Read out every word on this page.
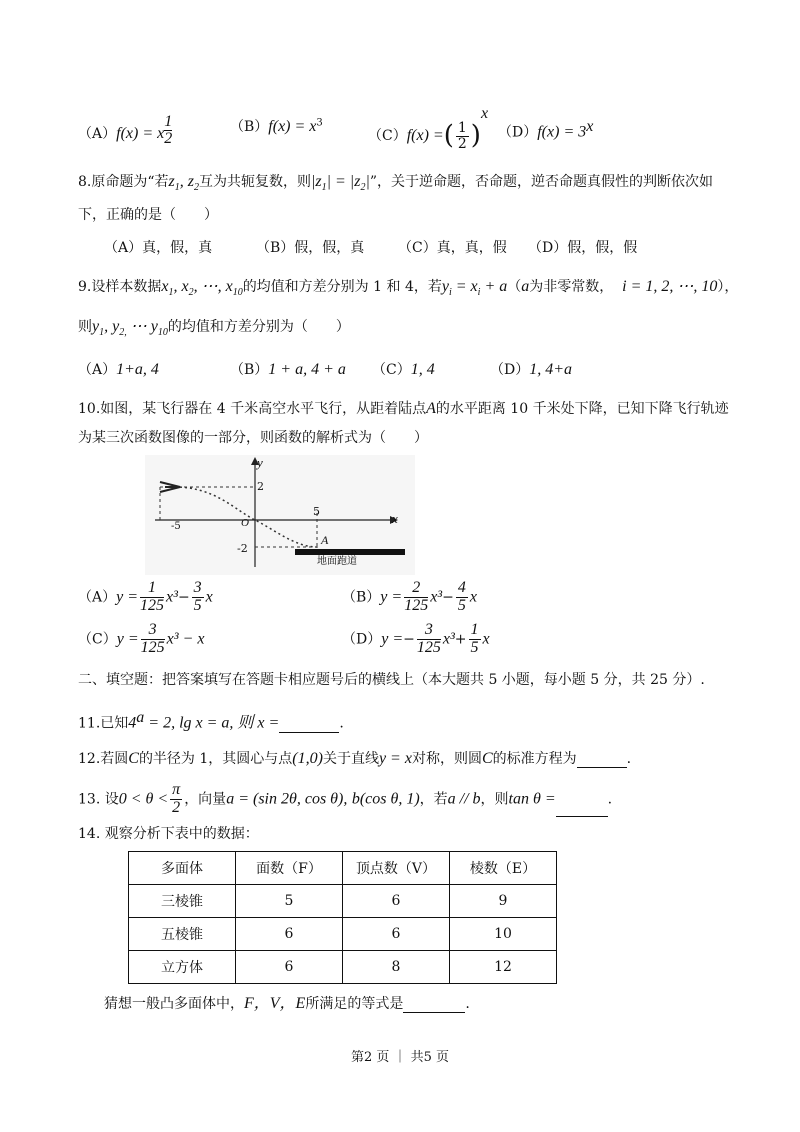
（A）f(x) = x $^{\frac{1}{2}}$	$(B)f(x) = x^3$
（C）f(x) =( $\frac{1}{2} )^x$
$(D)f(x) = 3^x$
8.原命题为“若$z_1$, $z_2$互为共轭复数，则$|z_1| = |z_2|$”，关于逆命题，否命题，逆否命题真假性的判断依次如
下，正确的是（　　）
（A）真，假，真	（B）假，假，真 （C）真，真，假 （D）假，假，假
9.设样本数据$x_1$, $x_2$, ⋯, $x_{10}$的均值和方差分别为 1 和 4，若$y_i = x_i + a(a$为非零常数， i = 1, 2, ⋯, 10），
则$y_1$, $y_{2,}$ ⋯ $y_{10}$的均值和方差分别为（　　）
（A）1+a, 4	（B）1 + a, 4 + a （C）1, 4	（D）1, 4+a
10.如图，某飞行器在 4 千米高空水平飞行，从距着陆点A的水平距离 10 千米处下降，已知下降飞行轨迹
为某三次函数图像的一部分，则函数的解析式为（　　）
y
x
O
2
-2
5
-5
A
地面跑道
$(A)y = \frac{1}{125} x^3- \frac{3}{5}$ x	$(B)y = \frac{2}{125} x^3- \frac{4}{5}$ x
$(C)y = \frac{3}{125} x^3 - x$	$(D)y =- \frac{3}{125} x^3+ \frac{1}{5}$ x
二、填空题：把答案填写在答题卡相应题号后的横线上（本大题共 5 小题，每小题 5 分，共 25 分）.
11.已知$4^a = 2$, lg x = a, 则 x =	.
12.若圆C的半径为 1，其圆心与点(1,0)关于直线y = x对称，则圆C的标准方程为	.
13. 设$0 < \theta < \frac{\pi}{2}$ ，向量a = (sin 2θ, cos θ), b(cos θ, 1)，若a // b，则tan θ =	.
14. 观察分析下表中的数据：
多面体	面数（F）	顶点数（V）	棱数（E）
三棱锥	5	6	9
五棱锥	6	6	10
立方体	6	8	12
猜想一般凸多面体中，F，V，E所满足的等式是	.
第2 页 ｜ 共5 页
